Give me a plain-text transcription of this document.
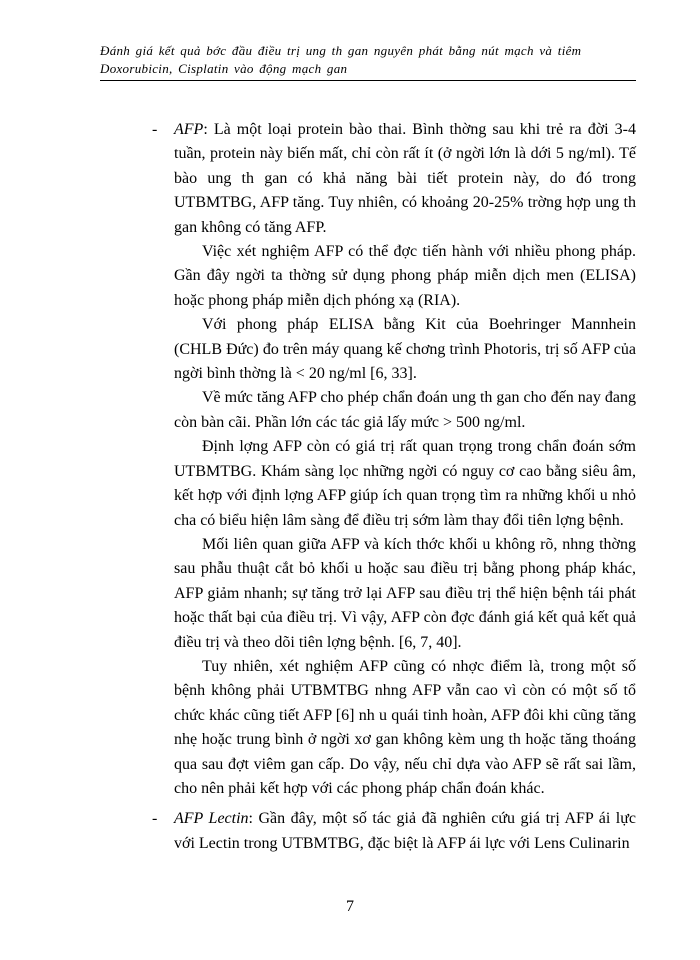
Đánh giá kết quả bớc đầu điều trị ung th gan nguyên phát bằng nút mạch và tiêm
Doxorubicin, Cisplatin vào động mạch gan

- AFP: Là một loại protein bào thai. Bình thờng sau khi trẻ ra đời 3-4 tuần, protein này biến mất, chỉ còn rất ít (ở ngời lớn là dới 5 ng/ml). Tế bào ung th gan có khả năng bài tiết protein này, do đó trong UTBMTBG, AFP tăng. Tuy nhiên, có khoảng 20-25% trờng hợp ung th gan không có tăng AFP.

Việc xét nghiệm AFP có thể đợc tiến hành với nhiều phong pháp. Gần đây ngời ta thờng sử dụng phong pháp miễn dịch men (ELISA) hoặc phong pháp miễn dịch phóng xạ (RIA).

Với phong pháp ELISA bằng Kit của Boehringer Mannhein (CHLB Đức) đo trên máy quang kế chơng trình Photoris, trị số AFP của ngời bình thờng là < 20 ng/ml [6, 33].

Về mức tăng AFP cho phép chẩn đoán ung th gan cho đến nay đang còn bàn cãi. Phần lớn các tác giả lấy mức > 500 ng/ml.

Định lợng AFP còn có giá trị rất quan trọng trong chẩn đoán sớm UTBMTBG. Khám sàng lọc những ngời có nguy cơ cao bằng siêu âm, kết hợp với định lợng AFP giúp ích quan trọng tìm ra những khối u nhỏ cha có biểu hiện lâm sàng để điều trị sớm làm thay đổi tiên lợng bệnh.

Mối liên quan giữa AFP và kích thớc khối u không rõ, nhng thờng sau phẫu thuật cắt bỏ khối u hoặc sau điều trị bằng phong pháp khác, AFP giảm nhanh; sự tăng trở lại AFP sau điều trị thể hiện bệnh tái phát hoặc thất bại của điều trị. Vì vậy, AFP còn đợc đánh giá kết quả kết quả điều trị và theo dõi tiên lợng bệnh. [6, 7, 40].

Tuy nhiên, xét nghiệm AFP cũng có nhợc điểm là, trong một số bệnh không phải UTBMTBG nhng AFP vẫn cao vì còn có một số tổ chức khác cũng tiết AFP [6] nh u quái tinh hoàn, AFP đôi khi cũng tăng nhẹ hoặc trung bình ở ngời xơ gan không kèm ung th hoặc tăng thoáng qua sau đợt viêm gan cấp. Do vậy, nếu chỉ dựa vào AFP sẽ rất sai lầm, cho nên phải kết hợp với các phong pháp chẩn đoán khác.

- AFP Lectin: Gần đây, một số tác giả đã nghiên cứu giá trị AFP ái lực với Lectin trong UTBMTBG, đặc biệt là AFP ái lực với Lens Culinarin

7
